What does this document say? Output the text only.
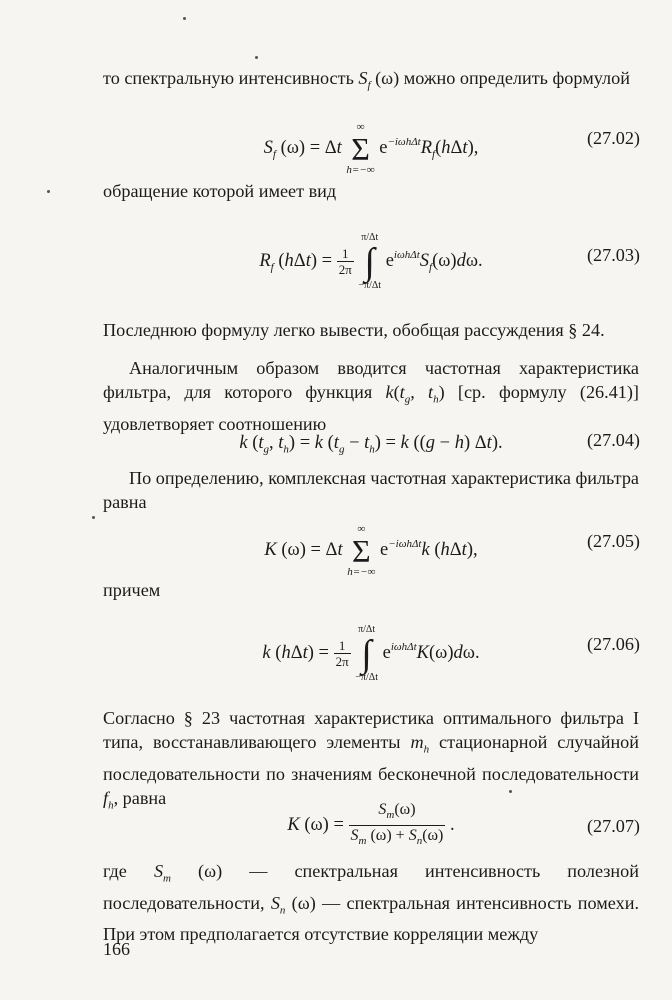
то спектральную интенсивность $S_f$ (ω) можно определить формулой

$S_f$ (ω) = Δt
∞
Σ
h=−∞
$e^{-i\omega h\Delta t}R_f(h\Delta t)$,	(27.02)

обращение которой имеет вид

$R_f$ $(h\Delta t) = \frac{1}{2\pi}$

π/Δt
∫
−π/Δt
$e^{i\omega h\Delta t}S_f(\omega)d\omega$.	(27.03)

Последнюю формулу легко вывести, обобщая рассуждения § 24.

Аналогичным образом вводится частотная характеристика фильтра, для которого функция $k(t_g$, $t_h$) [ср. формулу (26.41)] удовлетворяет соотношению

k ($t_g$, $t_h) = k$ $(t_g - t_h) = k$ ((g − h) Δt).	(27.04)

По определению, комплексная частотная характеристика фильтра равна

K (ω) = Δt
∞
Σ
h=−∞
$e^{-i\omega h\Delta t}k$ (hΔt),	(27.05)

причем

k $(h\Delta t) = \frac{1}{2\pi}$

π/Δt
∫
−π/Δt
$e^{i\omega h\Delta t}K(\omega)d\omega$.	(27.06)

Согласно § 23 частотная характеристика оптимального фильтра I типа, восстанавливающего элементы $m_h$ стационарной случайной последовательности по значениям бесконечной последовательности $f_h$, равна

K $(\omega) = \frac{S_m(\omega)}{S_m (\omega) + S_n(\omega)}$ .	(27.07)

где $S_m$ (ω) — спектральная интенсивность полезной последовательности, $S_n$ (ω) — спектральная интенсивность помехи. При этом предполагается отсутствие корреляции между

166
